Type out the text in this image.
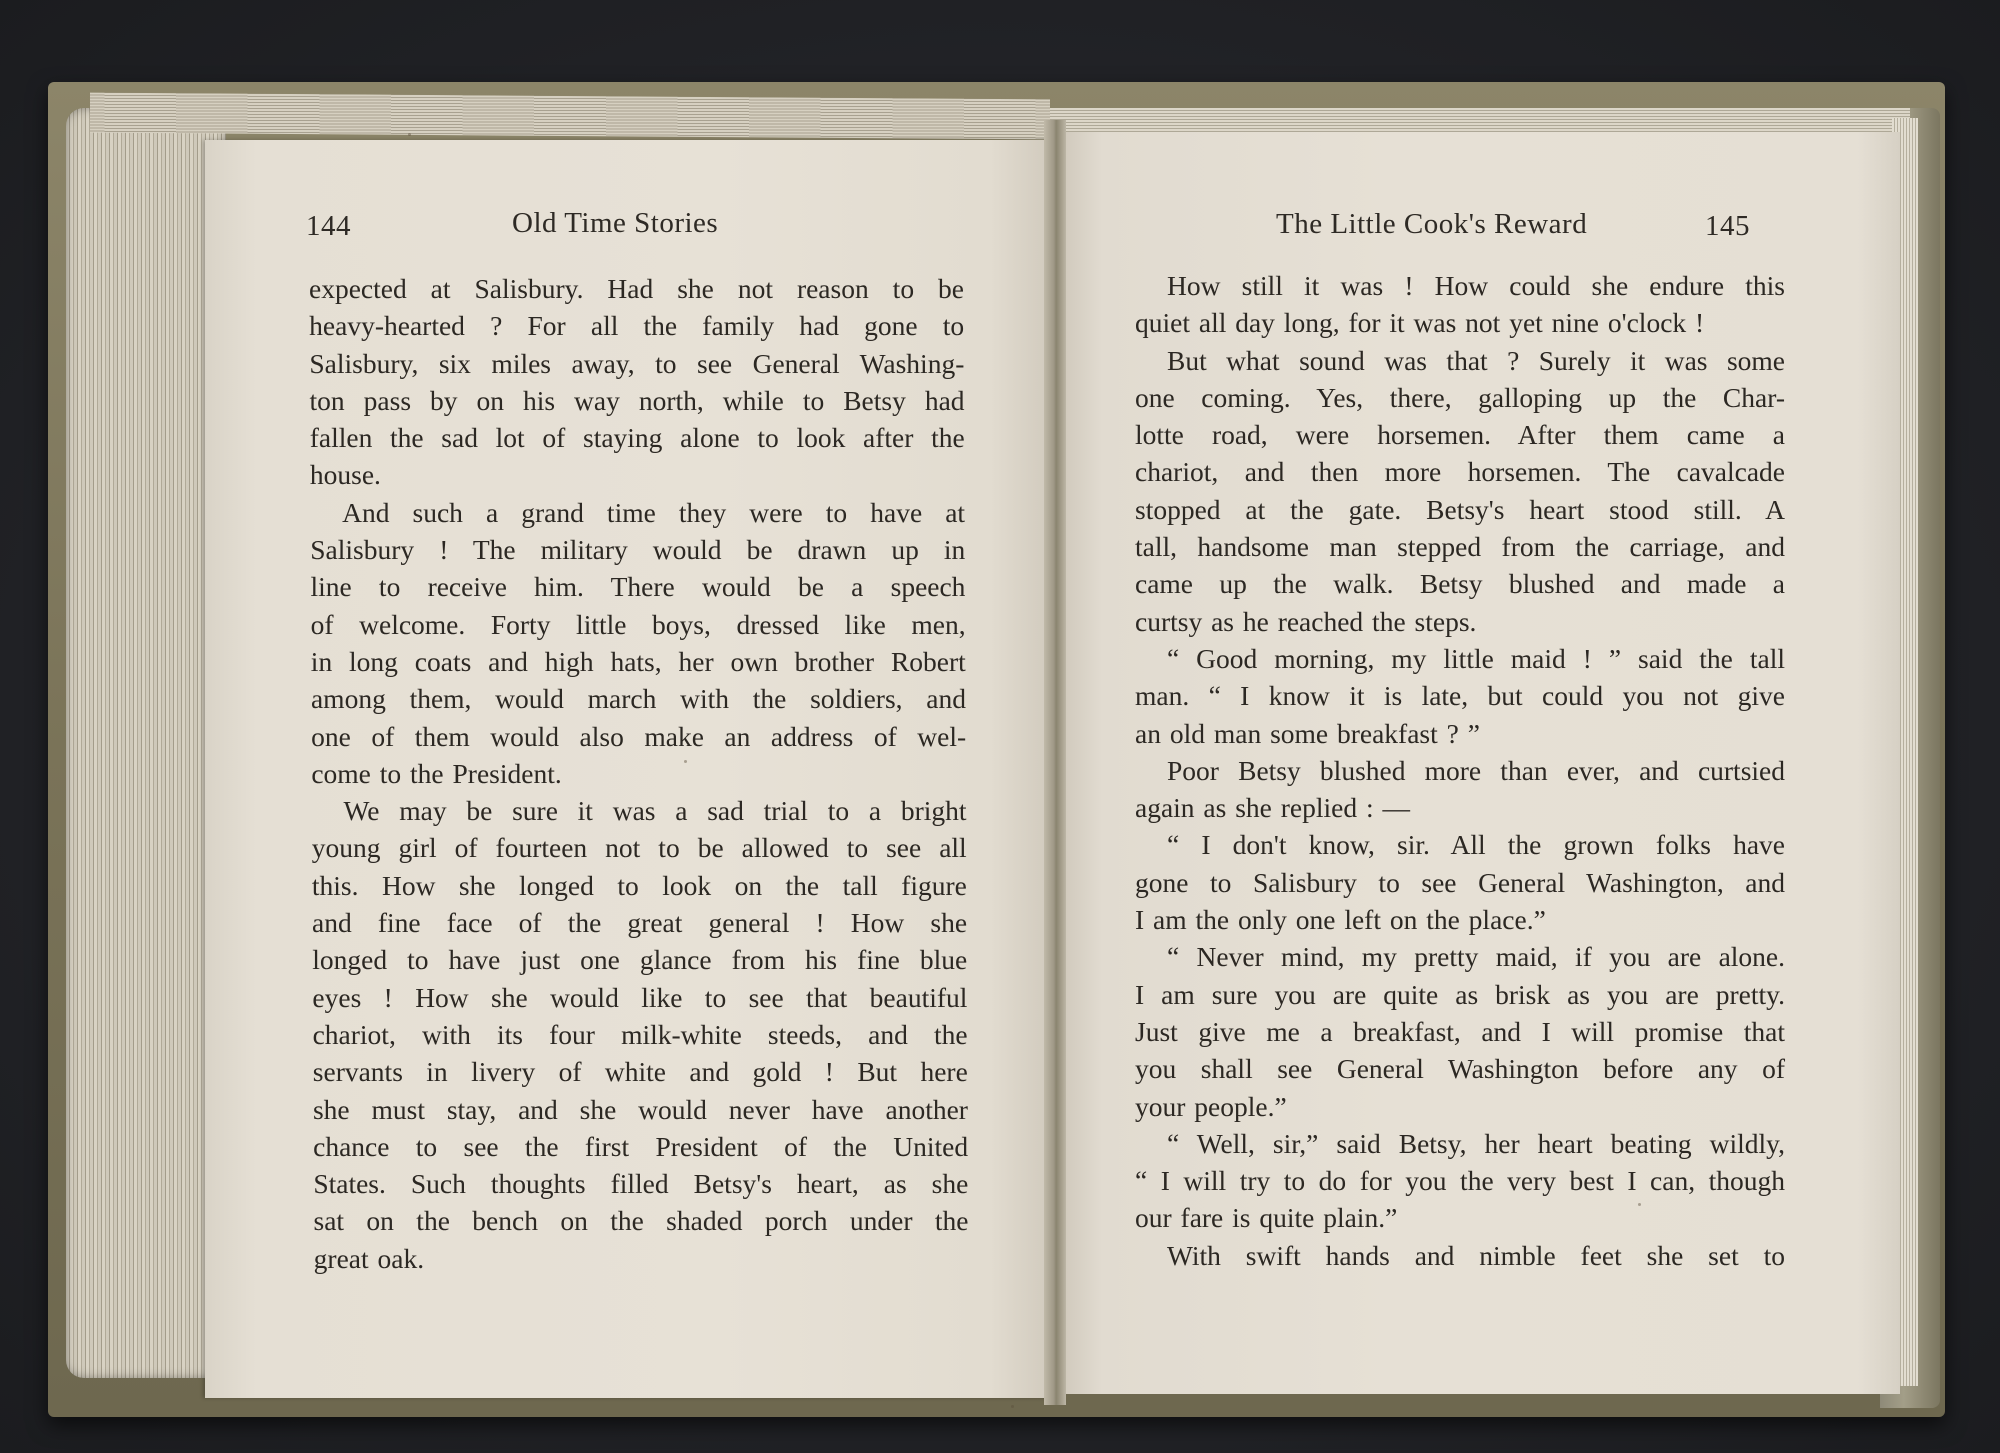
144	Old Time Stories	The Little Cook's Reward	145
expected at Salisbury. Had she not reason to be
heavy-hearted ? For all the family had gone to
Salisbury, six miles away, to see General Washing-
ton pass by on his way north, while to Betsy had
fallen the sad lot of staying alone to look after the
house.
And such a grand time they were to have at
Salisbury ! The military would be drawn up in
line to receive him. There would be a speech
of welcome. Forty little boys, dressed like men,
in long coats and high hats, her own brother Robert
among them, would march with the soldiers, and
one of them would also make an address of wel-
come to the President.
We may be sure it was a sad trial to a bright
young girl of fourteen not to be allowed to see all
this. How she longed to look on the tall figure
and fine face of the great general ! How she
longed to have just one glance from his fine blue
eyes ! How she would like to see that beautiful
chariot, with its four milk-white steeds, and the
servants in livery of white and gold ! But here
she must stay, and she would never have another
chance to see the first President of the United
States. Such thoughts filled Betsy's heart, as she
sat on the bench on the shaded porch under the
great oak.
How still it was ! How could she endure this
quiet all day long, for it was not yet nine o'clock !
But what sound was that ? Surely it was some
one coming. Yes, there, galloping up the Char-
lotte road, were horsemen. After them came a
chariot, and then more horsemen. The cavalcade
stopped at the gate. Betsy's heart stood still. A
tall, handsome man stepped from the carriage, and
came up the walk. Betsy blushed and made a
curtsy as he reached the steps.
“ Good morning, my little maid ! ” said the tall
man. “ I know it is late, but could you not give
an old man some breakfast ? ”
Poor Betsy blushed more than ever, and curtsied
again as she replied : —
“ I don't know, sir. All the grown folks have
gone to Salisbury to see General Washington, and
I am the only one left on the place.”
“ Never mind, my pretty maid, if you are alone.
I am sure you are quite as brisk as you are pretty.
Just give me a breakfast, and I will promise that
you shall see General Washington before any of
your people.”
“ Well, sir,” said Betsy, her heart beating wildly,
“ I will try to do for you the very best I can, though
our fare is quite plain.”
With swift hands and nimble feet she set to
